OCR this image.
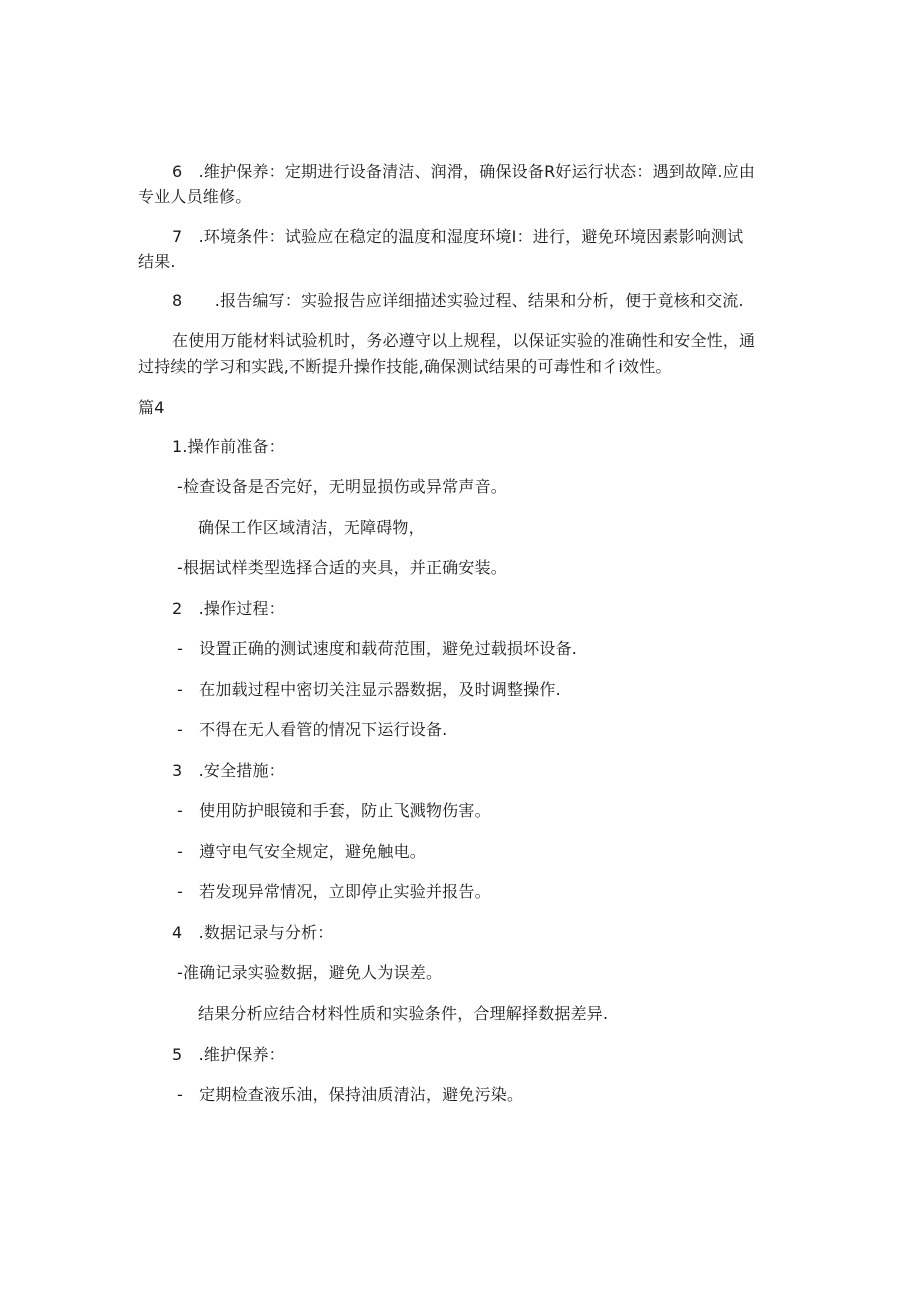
6　.维护保养：定期进行设备清洁、润滑，确保设备R好运行状态：遇到故障.应由
专业人员维修。
7　.环境条件：试验应在稳定的温度和湿度环境I：进行，避免环境因素影响测试
结果.
8　　.报告编写：实验报告应详细描述实验过程、结果和分析，便于竟核和交流.
在使用万能材料试验机时，务必遵守以上规程，以保证实验的准确性和安全性，通
过持续的学习和实践,不断提升操作技能,确保测试结果的可毒性和彳i效性。
篇4
1.操作前准备：
-检查设备是否完好，无明显损伤或异常声音。
确保工作区域清洁，无障碍物，
-根据试样类型选择合适的夹具，并正确安装。
2　.操作过程：
-　设置正确的测试速度和载荷范围，避免过载损坏设备.
-　在加载过程中密切关注显示器数据，及时调整操作.
-　不得在无人看管的情况下运行设备.
3　.安全措施：
-　使用防护眼镜和手套，防止飞溅物伤害。
-　遵守电气安全规定，避免触电。
-　若发现异常情况，立即停止实验并报告。
4　.数据记录与分析：
-准确记录实验数据，避免人为误差。
结果分析应结合材料性质和实验条件，合理解择数据差异.
5　.维护保养：
-　定期检查液乐油，保持油质清沾，避免污染。
